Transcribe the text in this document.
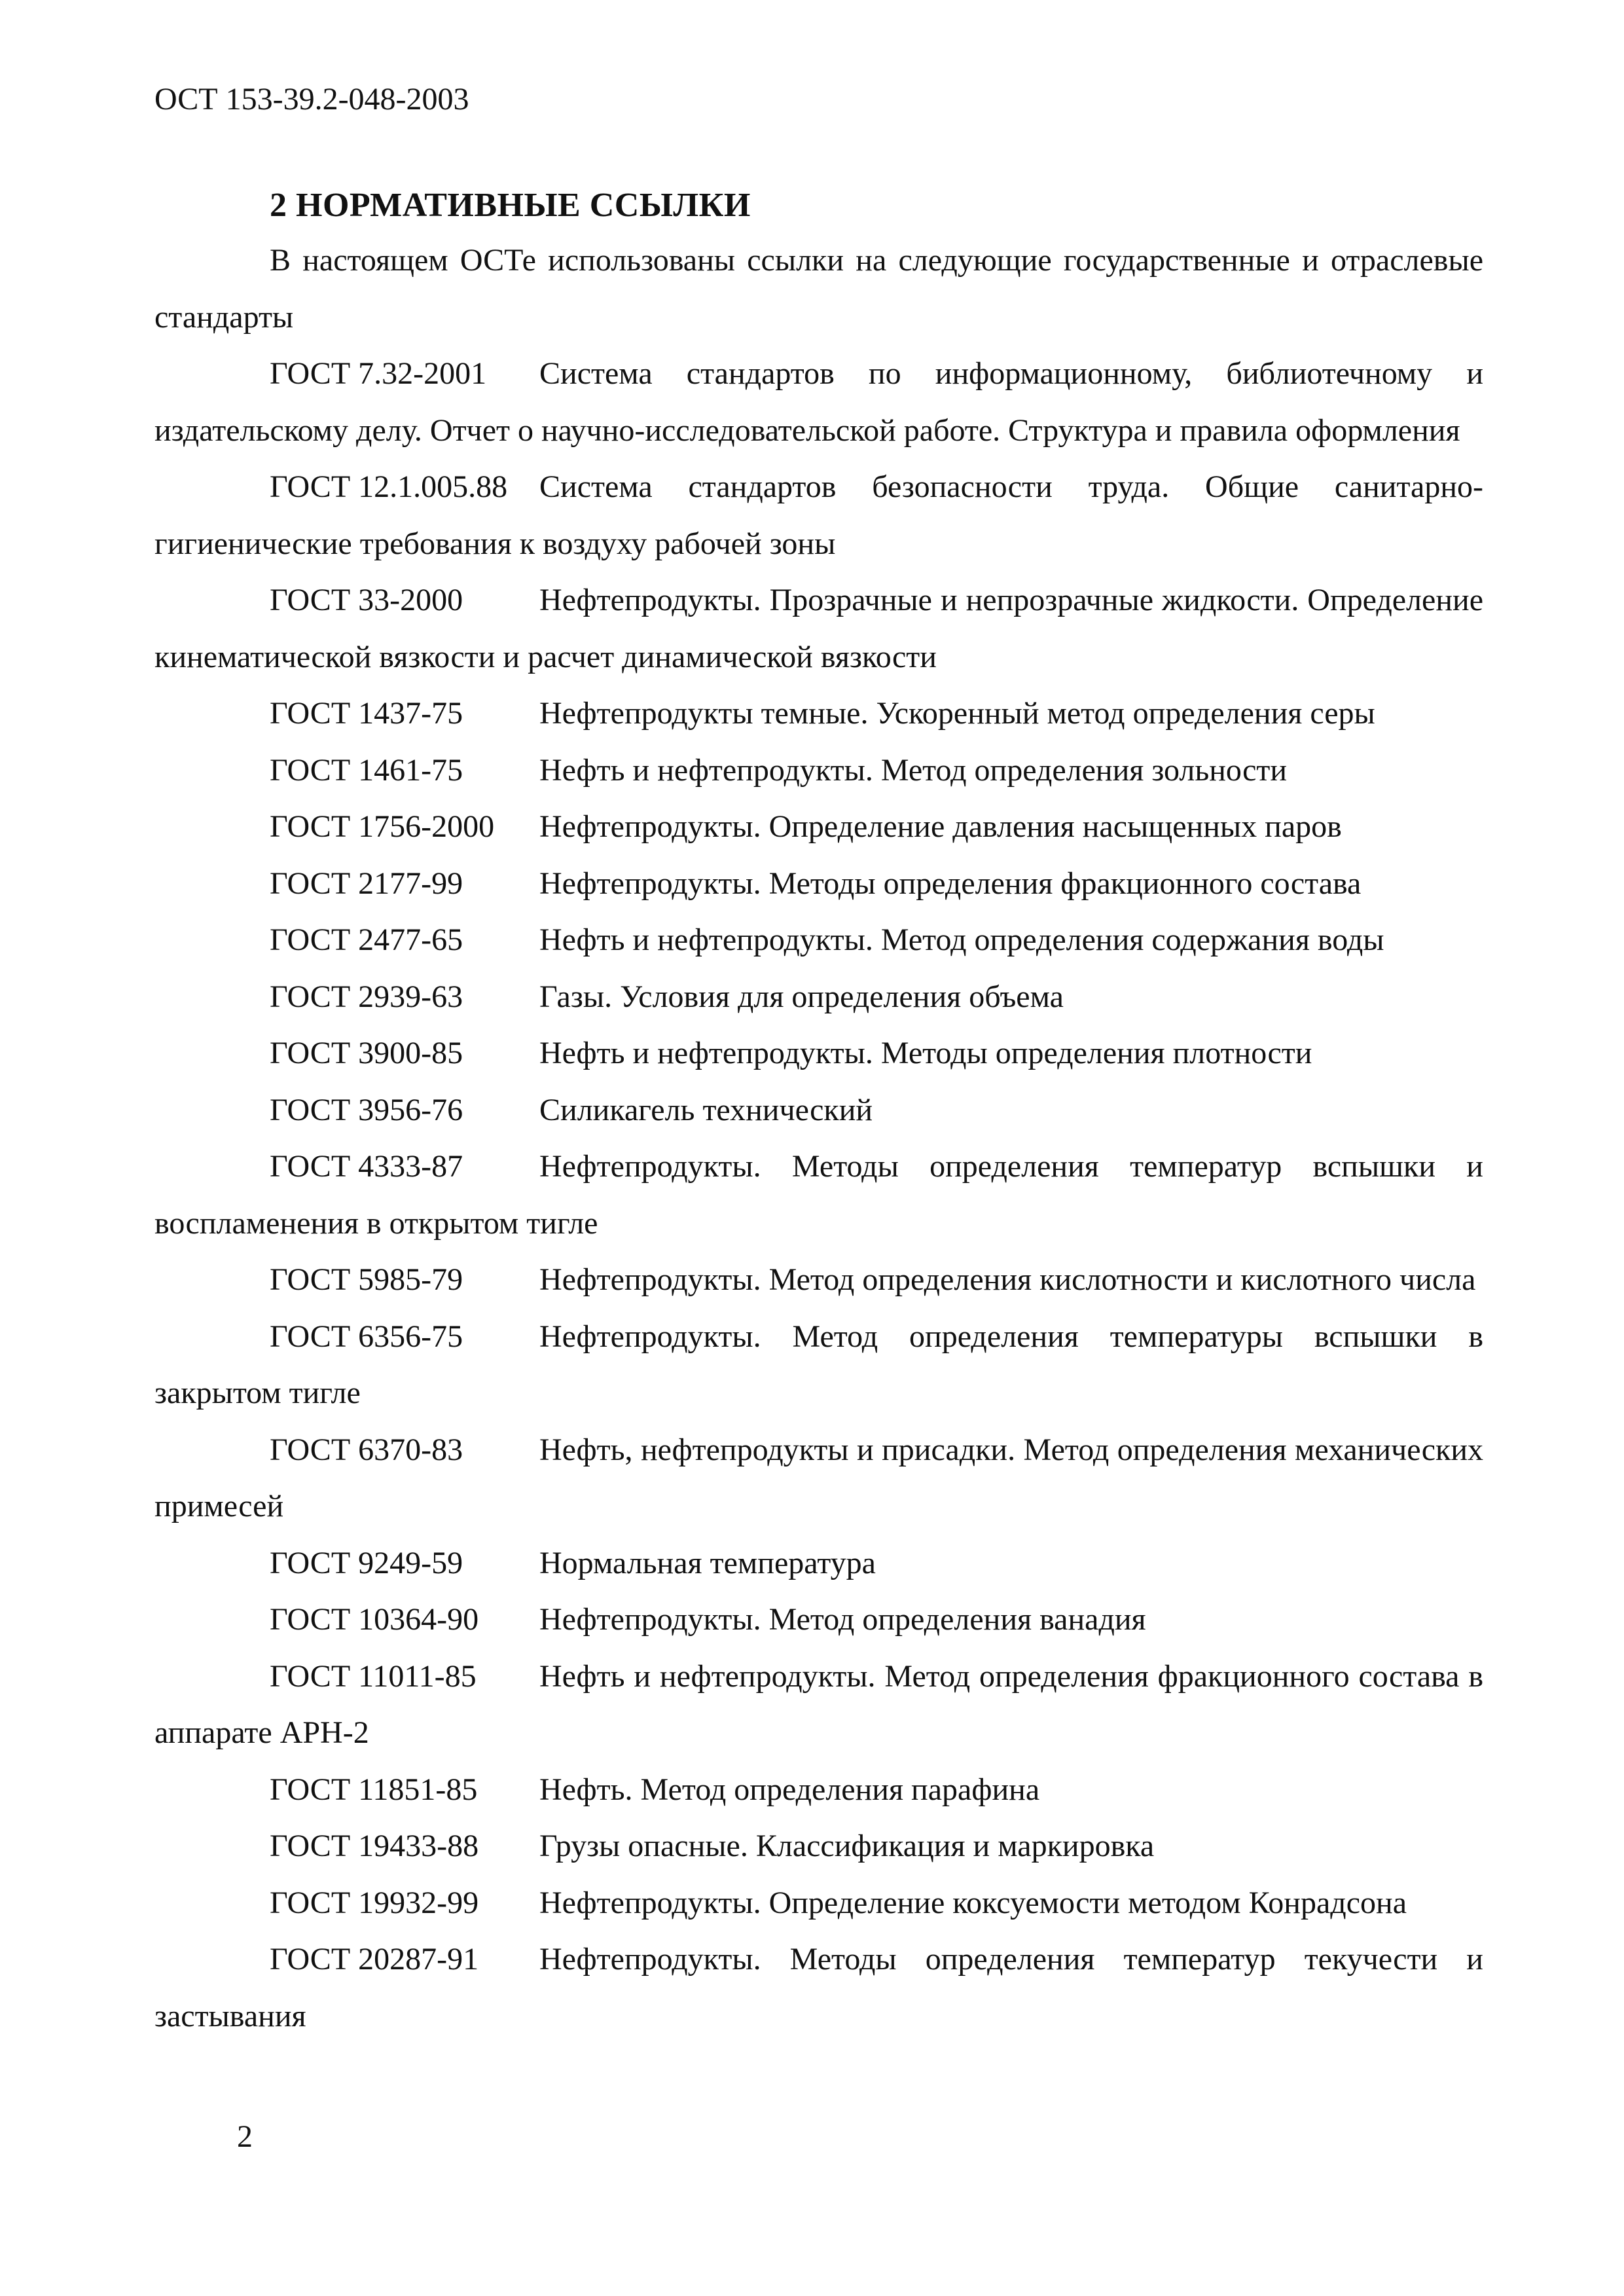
ОСТ 153-39.2-048-2003
2 НОРМАТИВНЫЕ ССЫЛКИ

В настоящем ОСТе использованы ссылки на следующие государственные и отраслевые стандарты

ГОСТ 7.32-2001 Система стандартов по информационному, библиотечному и издательскому делу. Отчет о научно-исследовательской работе. Структура и правила оформления

ГОСТ 12.1.005.88 Система стандартов безопасности труда. Общие санитарно-гигиенические требования к воздуху рабочей зоны

ГОСТ 33-2000 Нефтепродукты. Прозрачные и непрозрачные жидкости. Определение кинематической вязкости и расчет динамической вязкости

ГОСТ 1437-75 Нефтепродукты темные. Ускоренный метод определения серы

ГОСТ 1461-75 Нефть и нефтепродукты. Метод определения зольности

ГОСТ 1756-2000 Нефтепродукты. Определение давления насыщенных паров

ГОСТ 2177-99 Нефтепродукты. Методы определения фракционного состава

ГОСТ 2477-65 Нефть и нефтепродукты. Метод определения содержания воды

ГОСТ 2939-63 Газы. Условия для определения объема

ГОСТ 3900-85 Нефть и нефтепродукты. Методы определения плотности

ГОСТ 3956-76 Силикагель технический

ГОСТ 4333-87 Нефтепродукты. Методы определения температур вспышки и воспламенения в открытом тигле

ГОСТ 5985-79 Нефтепродукты. Метод определения кислотности и кислотного числа

ГОСТ 6356-75 Нефтепродукты. Метод определения температуры вспышки в закрытом тигле

ГОСТ 6370-83 Нефть, нефтепродукты и присадки. Метод определения механических примесей

ГОСТ 9249-59 Нормальная температура

ГОСТ 10364-90 Нефтепродукты. Метод определения ванадия

ГОСТ 11011-85 Нефть и нефтепродукты. Метод определения фракционного состава в аппарате АРН-2

ГОСТ 11851-85 Нефть. Метод определения парафина

ГОСТ 19433-88 Грузы опасные. Классификация и маркировка

ГОСТ 19932-99 Нефтепродукты. Определение коксуемости методом Конрадсона

ГОСТ 20287-91 Нефтепродукты. Методы определения температур текучести и застывания

2
